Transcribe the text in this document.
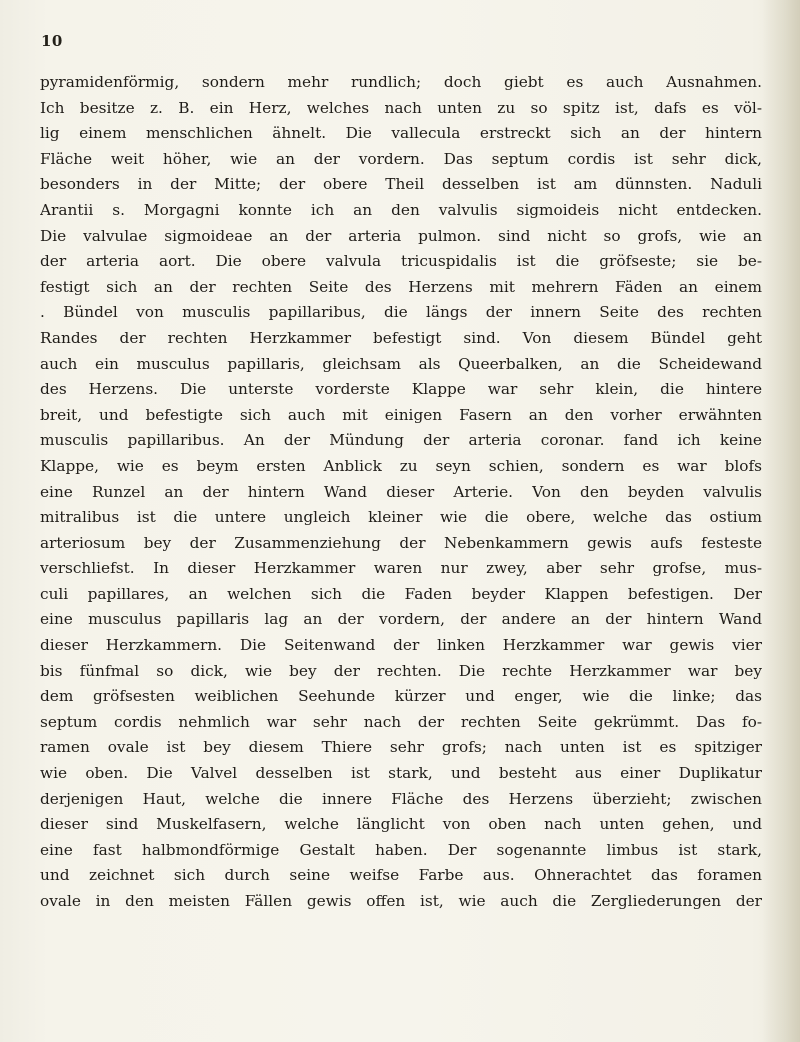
10
pyramidenförmig, sondern mehr rundlich; doch giebt es auch Ausnahmen.
Ich besitze z. B. ein Herz, welches nach unten zu so spitz ist, dafs es völ-
lig einem menschlichen ähnelt. Die vallecula erstreckt sich an der hintern
Fläche weit höher, wie an der vordern. Das septum cordis ist sehr dick,
besonders in der Mitte; der obere Theil desselben ist am dünnsten. Naduli
Arantii s. Morgagni konnte ich an den valvulis sigmoideis nicht entdecken.
Die valvulae sigmoideae an der arteria pulmon. sind nicht so grofs, wie an
der arteria aort. Die obere valvula tricuspidalis ist die gröfseste; sie be-
festigt sich an der rechten Seite des Herzens mit mehrern Fäden an einem
. Bündel von musculis papillaribus, die längs der innern Seite des rechten
Randes der rechten Herzkammer befestigt sind. Von diesem Bündel geht
auch ein musculus papillaris, gleichsam als Queerbalken, an die Scheidewand
des Herzens. Die unterste vorderste Klappe war sehr klein, die hintere
breit, und befestigte sich auch mit einigen Fasern an den vorher erwähnten
musculis papillaribus. An der Mündung der arteria coronar. fand ich keine
Klappe, wie es beym ersten Anblick zu seyn schien, sondern es war blofs
eine Runzel an der hintern Wand dieser Arterie. Von den beyden valvulis
mitralibus ist die untere ungleich kleiner wie die obere, welche das ostium
arteriosum bey der Zusammenziehung der Nebenkammern gewis aufs festeste
verschliefst. In dieser Herzkammer waren nur zwey, aber sehr grofse, mus-
culi papillares, an welchen sich die Faden beyder Klappen befestigen. Der
eine musculus papillaris lag an der vordern, der andere an der hintern Wand
dieser Herzkammern. Die Seitenwand der linken Herzkammer war gewis vier
bis fünfmal so dick, wie bey der rechten. Die rechte Herzkammer war bey
dem gröfsesten weiblichen Seehunde kürzer und enger, wie die linke; das
septum cordis nehmlich war sehr nach der rechten Seite gekrümmt. Das fo-
ramen ovale ist bey diesem Thiere sehr grofs; nach unten ist es spitziger
wie oben. Die Valvel desselben ist stark, und besteht aus einer Duplikatur
derjenigen Haut, welche die innere Fläche des Herzens überzieht; zwischen
dieser sind Muskelfasern, welche länglicht von oben nach unten gehen, und
eine fast halbmondförmige Gestalt haben. Der sogenannte limbus ist stark,
und zeichnet sich durch seine weifse Farbe aus. Ohnerachtet das foramen
ovale in den meisten Fällen gewis offen ist, wie auch die Zergliederungen der
